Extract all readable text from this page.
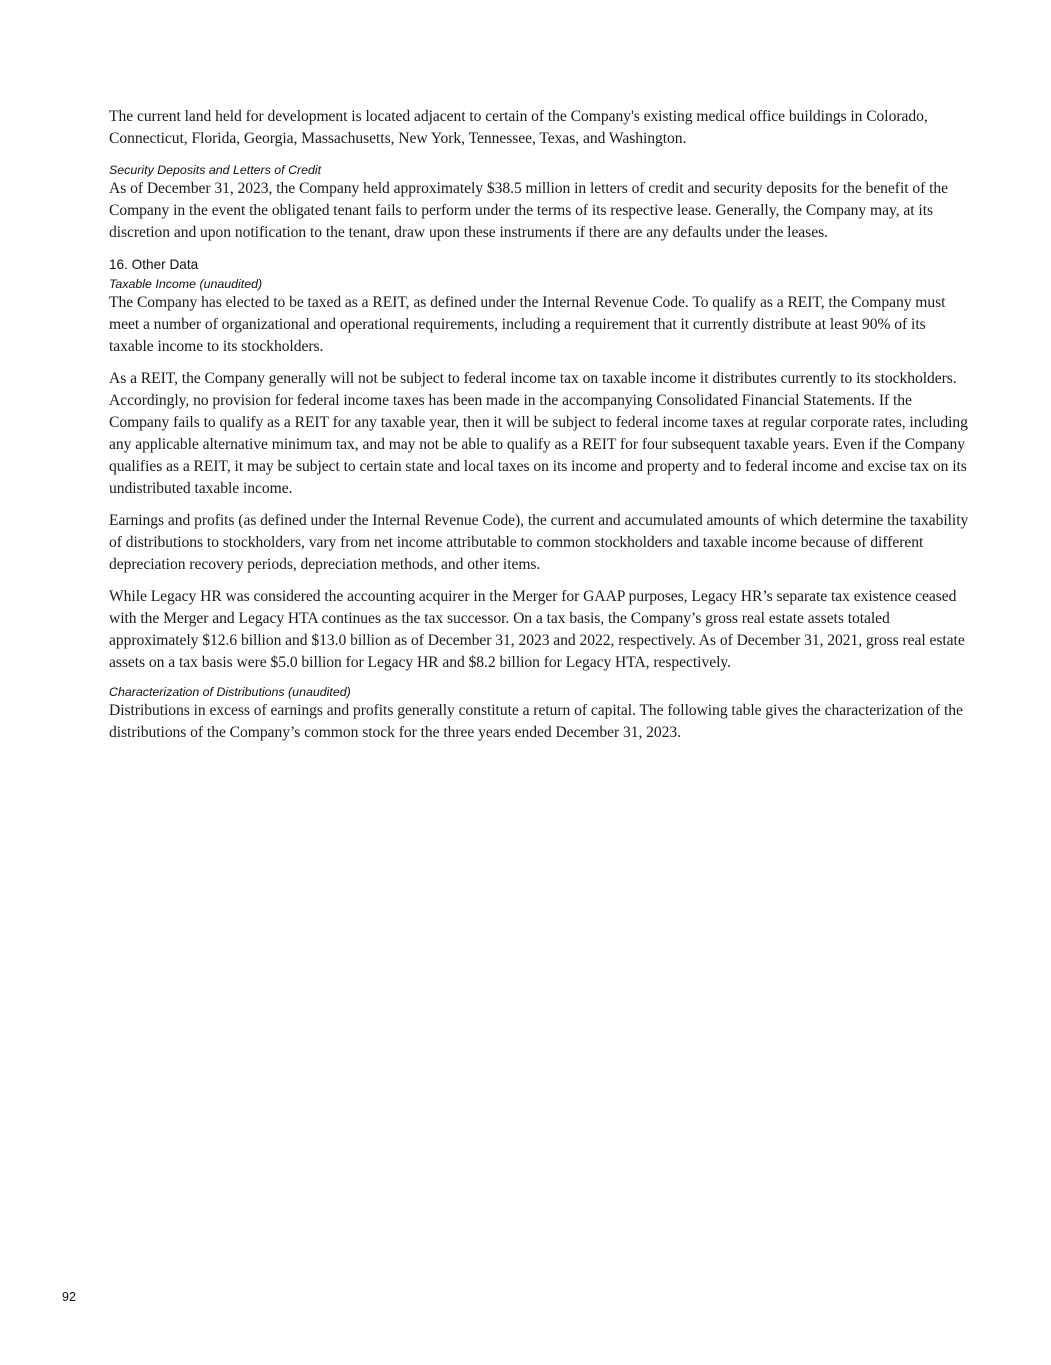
The current land held for development is located adjacent to certain of the Company's existing medical office buildings in Colorado, Connecticut, Florida, Georgia, Massachusetts, New York, Tennessee, Texas, and Washington.

Security Deposits and Letters of Credit

As of December 31, 2023, the Company held approximately $38.5 million in letters of credit and security deposits for the benefit of the Company in the event the obligated tenant fails to perform under the terms of its respective lease. Generally, the Company may, at its discretion and upon notification to the tenant, draw upon these instruments if there are any defaults under the leases.

16. Other Data

Taxable Income (unaudited)

The Company has elected to be taxed as a REIT, as defined under the Internal Revenue Code. To qualify as a REIT, the Company must meet a number of organizational and operational requirements, including a requirement that it currently distribute at least 90% of its taxable income to its stockholders.

As a REIT, the Company generally will not be subject to federal income tax on taxable income it distributes currently to its stockholders. Accordingly, no provision for federal income taxes has been made in the accompanying Consolidated Financial Statements. If the Company fails to qualify as a REIT for any taxable year, then it will be subject to federal income taxes at regular corporate rates, including any applicable alternative minimum tax, and may not be able to qualify as a REIT for four subsequent taxable years. Even if the Company qualifies as a REIT, it may be subject to certain state and local taxes on its income and property and to federal income and excise tax on its undistributed taxable income.

Earnings and profits (as defined under the Internal Revenue Code), the current and accumulated amounts of which determine the taxability of distributions to stockholders, vary from net income attributable to common stockholders and taxable income because of different depreciation recovery periods, depreciation methods, and other items.

While Legacy HR was considered the accounting acquirer in the Merger for GAAP purposes, Legacy HR’s separate tax existence ceased with the Merger and Legacy HTA continues as the tax successor. On a tax basis, the Company’s gross real estate assets totaled approximately $12.6 billion and $13.0 billion as of December 31, 2023 and 2022, respectively. As of December 31, 2021, gross real estate assets on a tax basis were $5.0 billion for Legacy HR and $8.2 billion for Legacy HTA, respectively.

Characterization of Distributions (unaudited)

Distributions in excess of earnings and profits generally constitute a return of capital. The following table gives the characterization of the distributions of the Company’s common stock for the three years ended December 31, 2023.

92
